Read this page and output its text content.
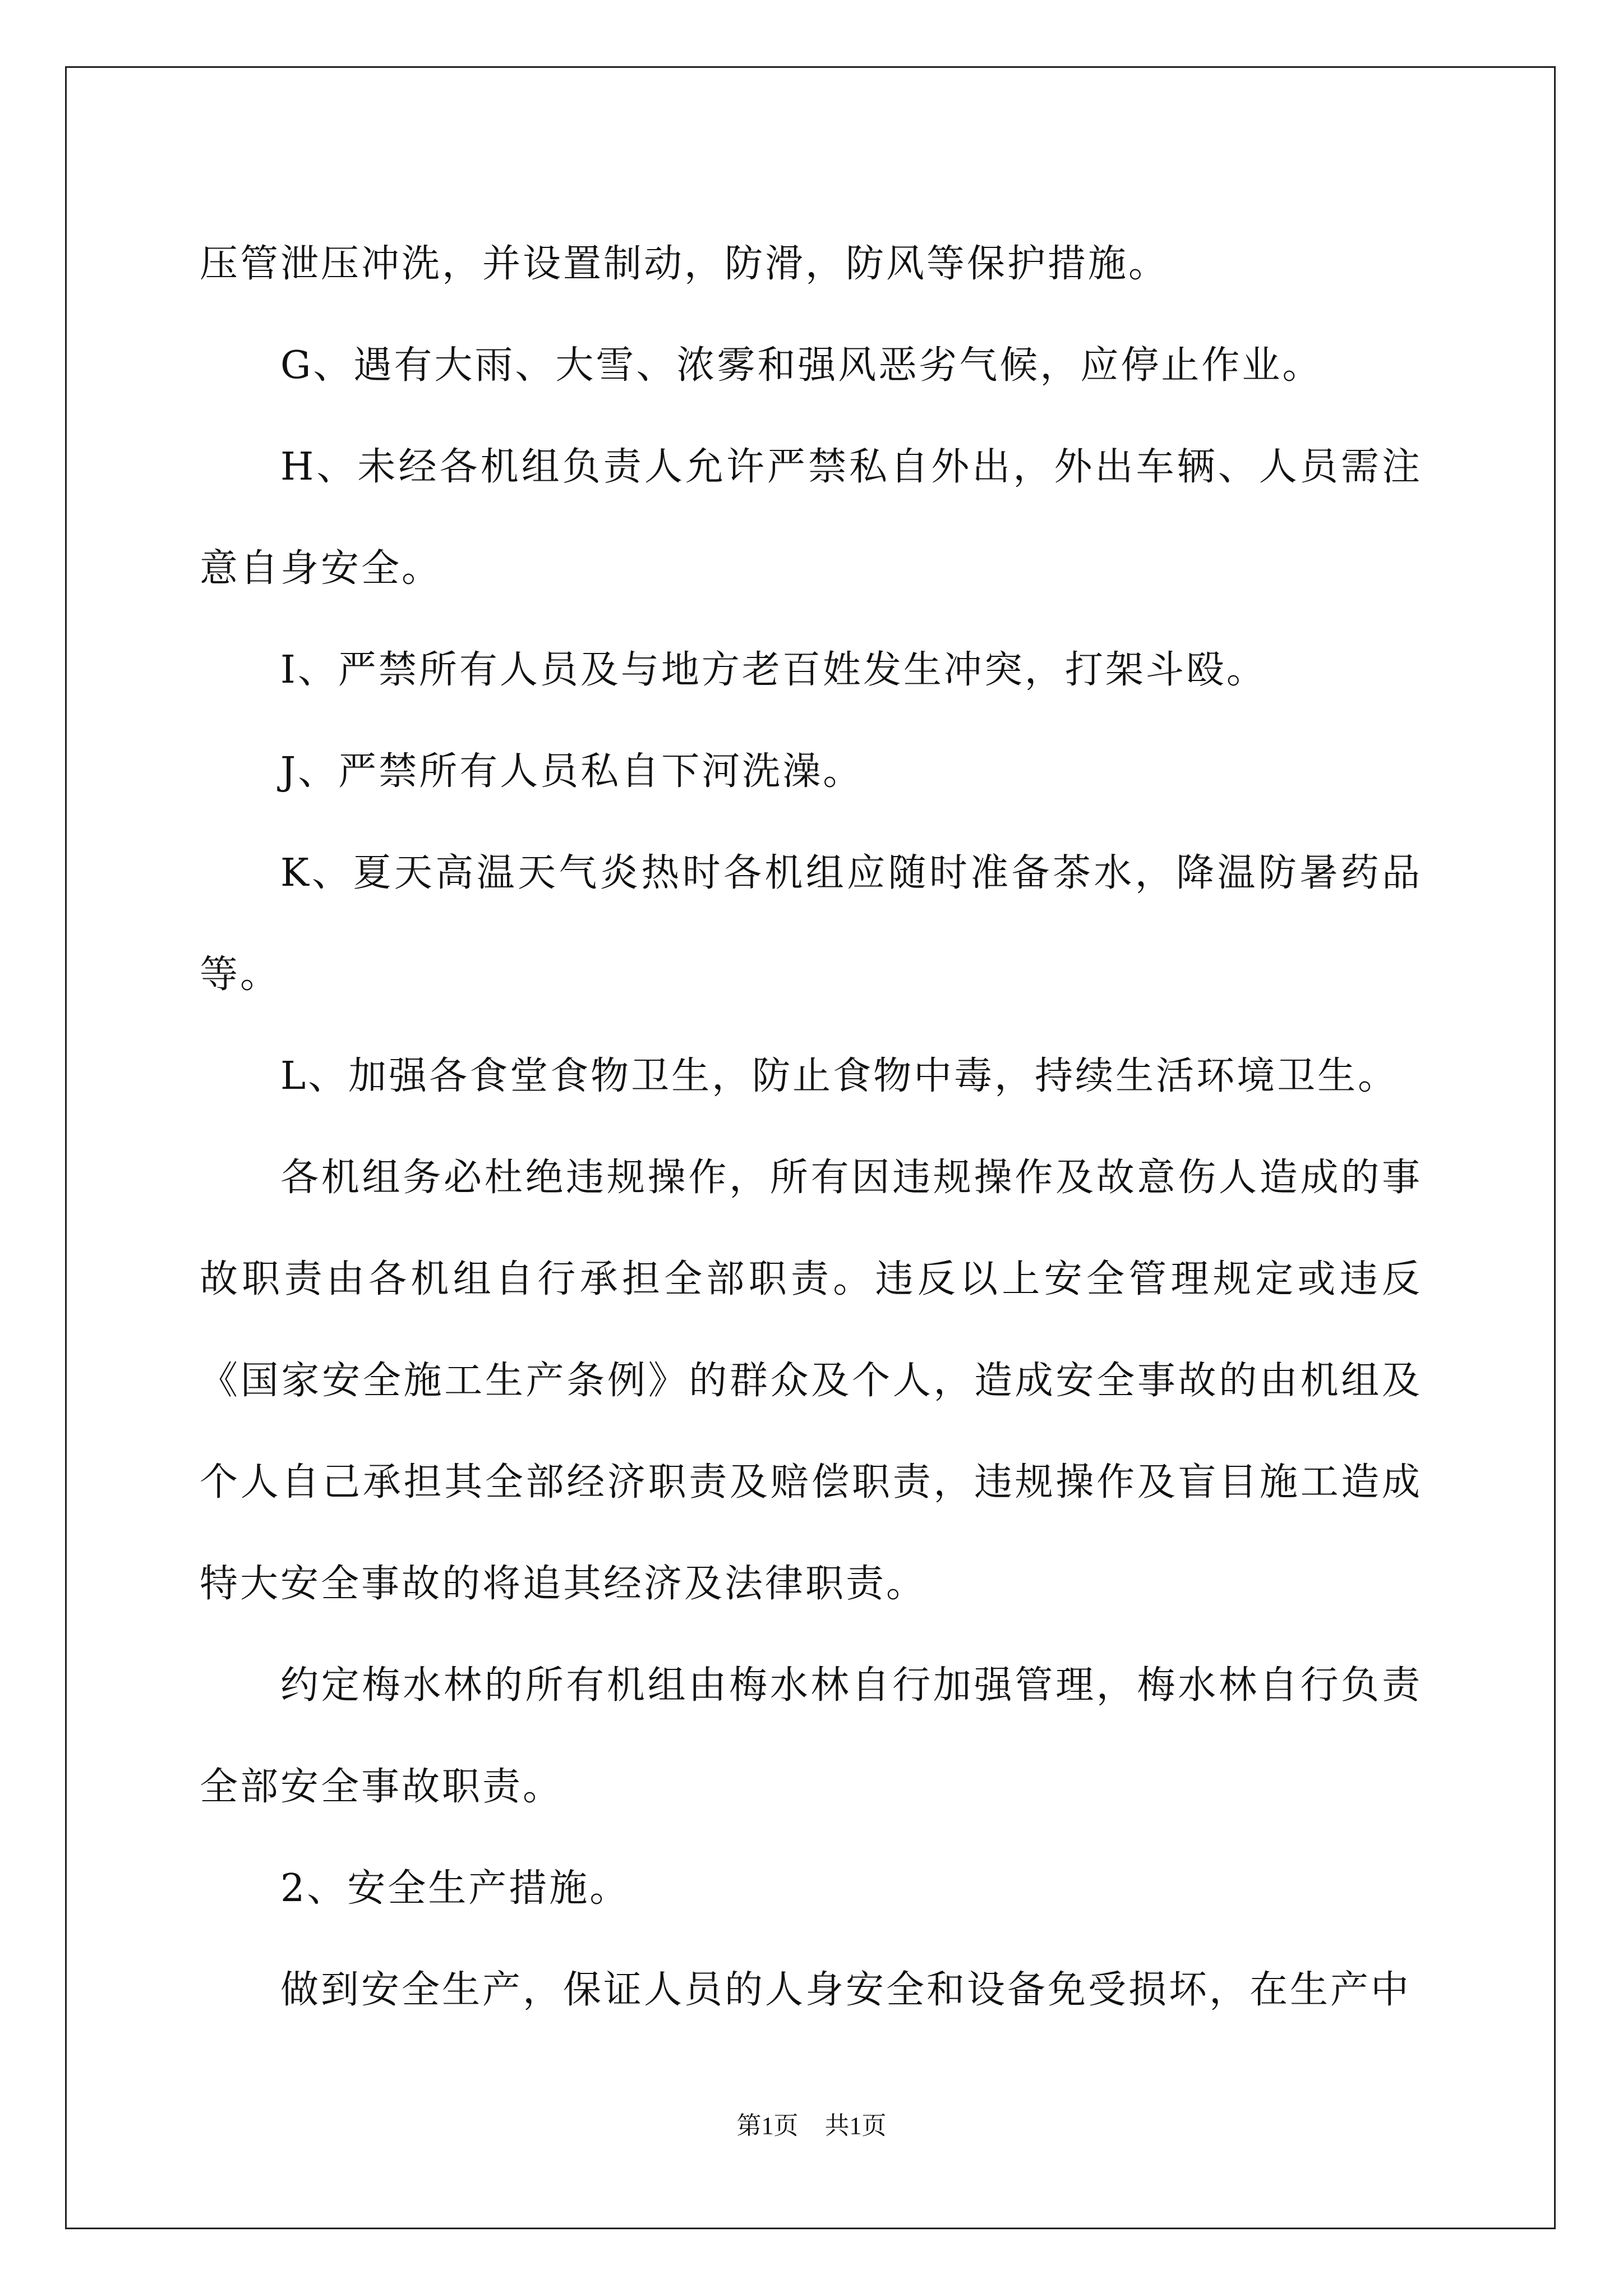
压管泄压冲洗，并设置制动，防滑，防风等保护措施。

G、遇有大雨、大雪、浓雾和强风恶劣气候，应停止作业。

H、未经各机组负责人允许严禁私自外出，外出车辆、人员需注意自身安全。

I、严禁所有人员及与地方老百姓发生冲突，打架斗殴。

J、严禁所有人员私自下河洗澡。

K、夏天高温天气炎热时各机组应随时准备茶水，降温防暑药品等。

L、加强各食堂食物卫生，防止食物中毒，持续生活环境卫生。

各机组务必杜绝违规操作，所有因违规操作及故意伤人造成的事故职责由各机组自行承担全部职责。违反以上安全管理规定或违反《国家安全施工生产条例》的群众及个人，造成安全事故的由机组及个人自己承担其全部经济职责及赔偿职责，违规操作及盲目施工造成特大安全事故的将追其经济及法律职责。

约定梅水林的所有机组由梅水林自行加强管理，梅水林自行负责全部安全事故职责。

2、安全生产措施。

做到安全生产，保证人员的人身安全和设备免受损坏，在生产中

第1页 共1页
